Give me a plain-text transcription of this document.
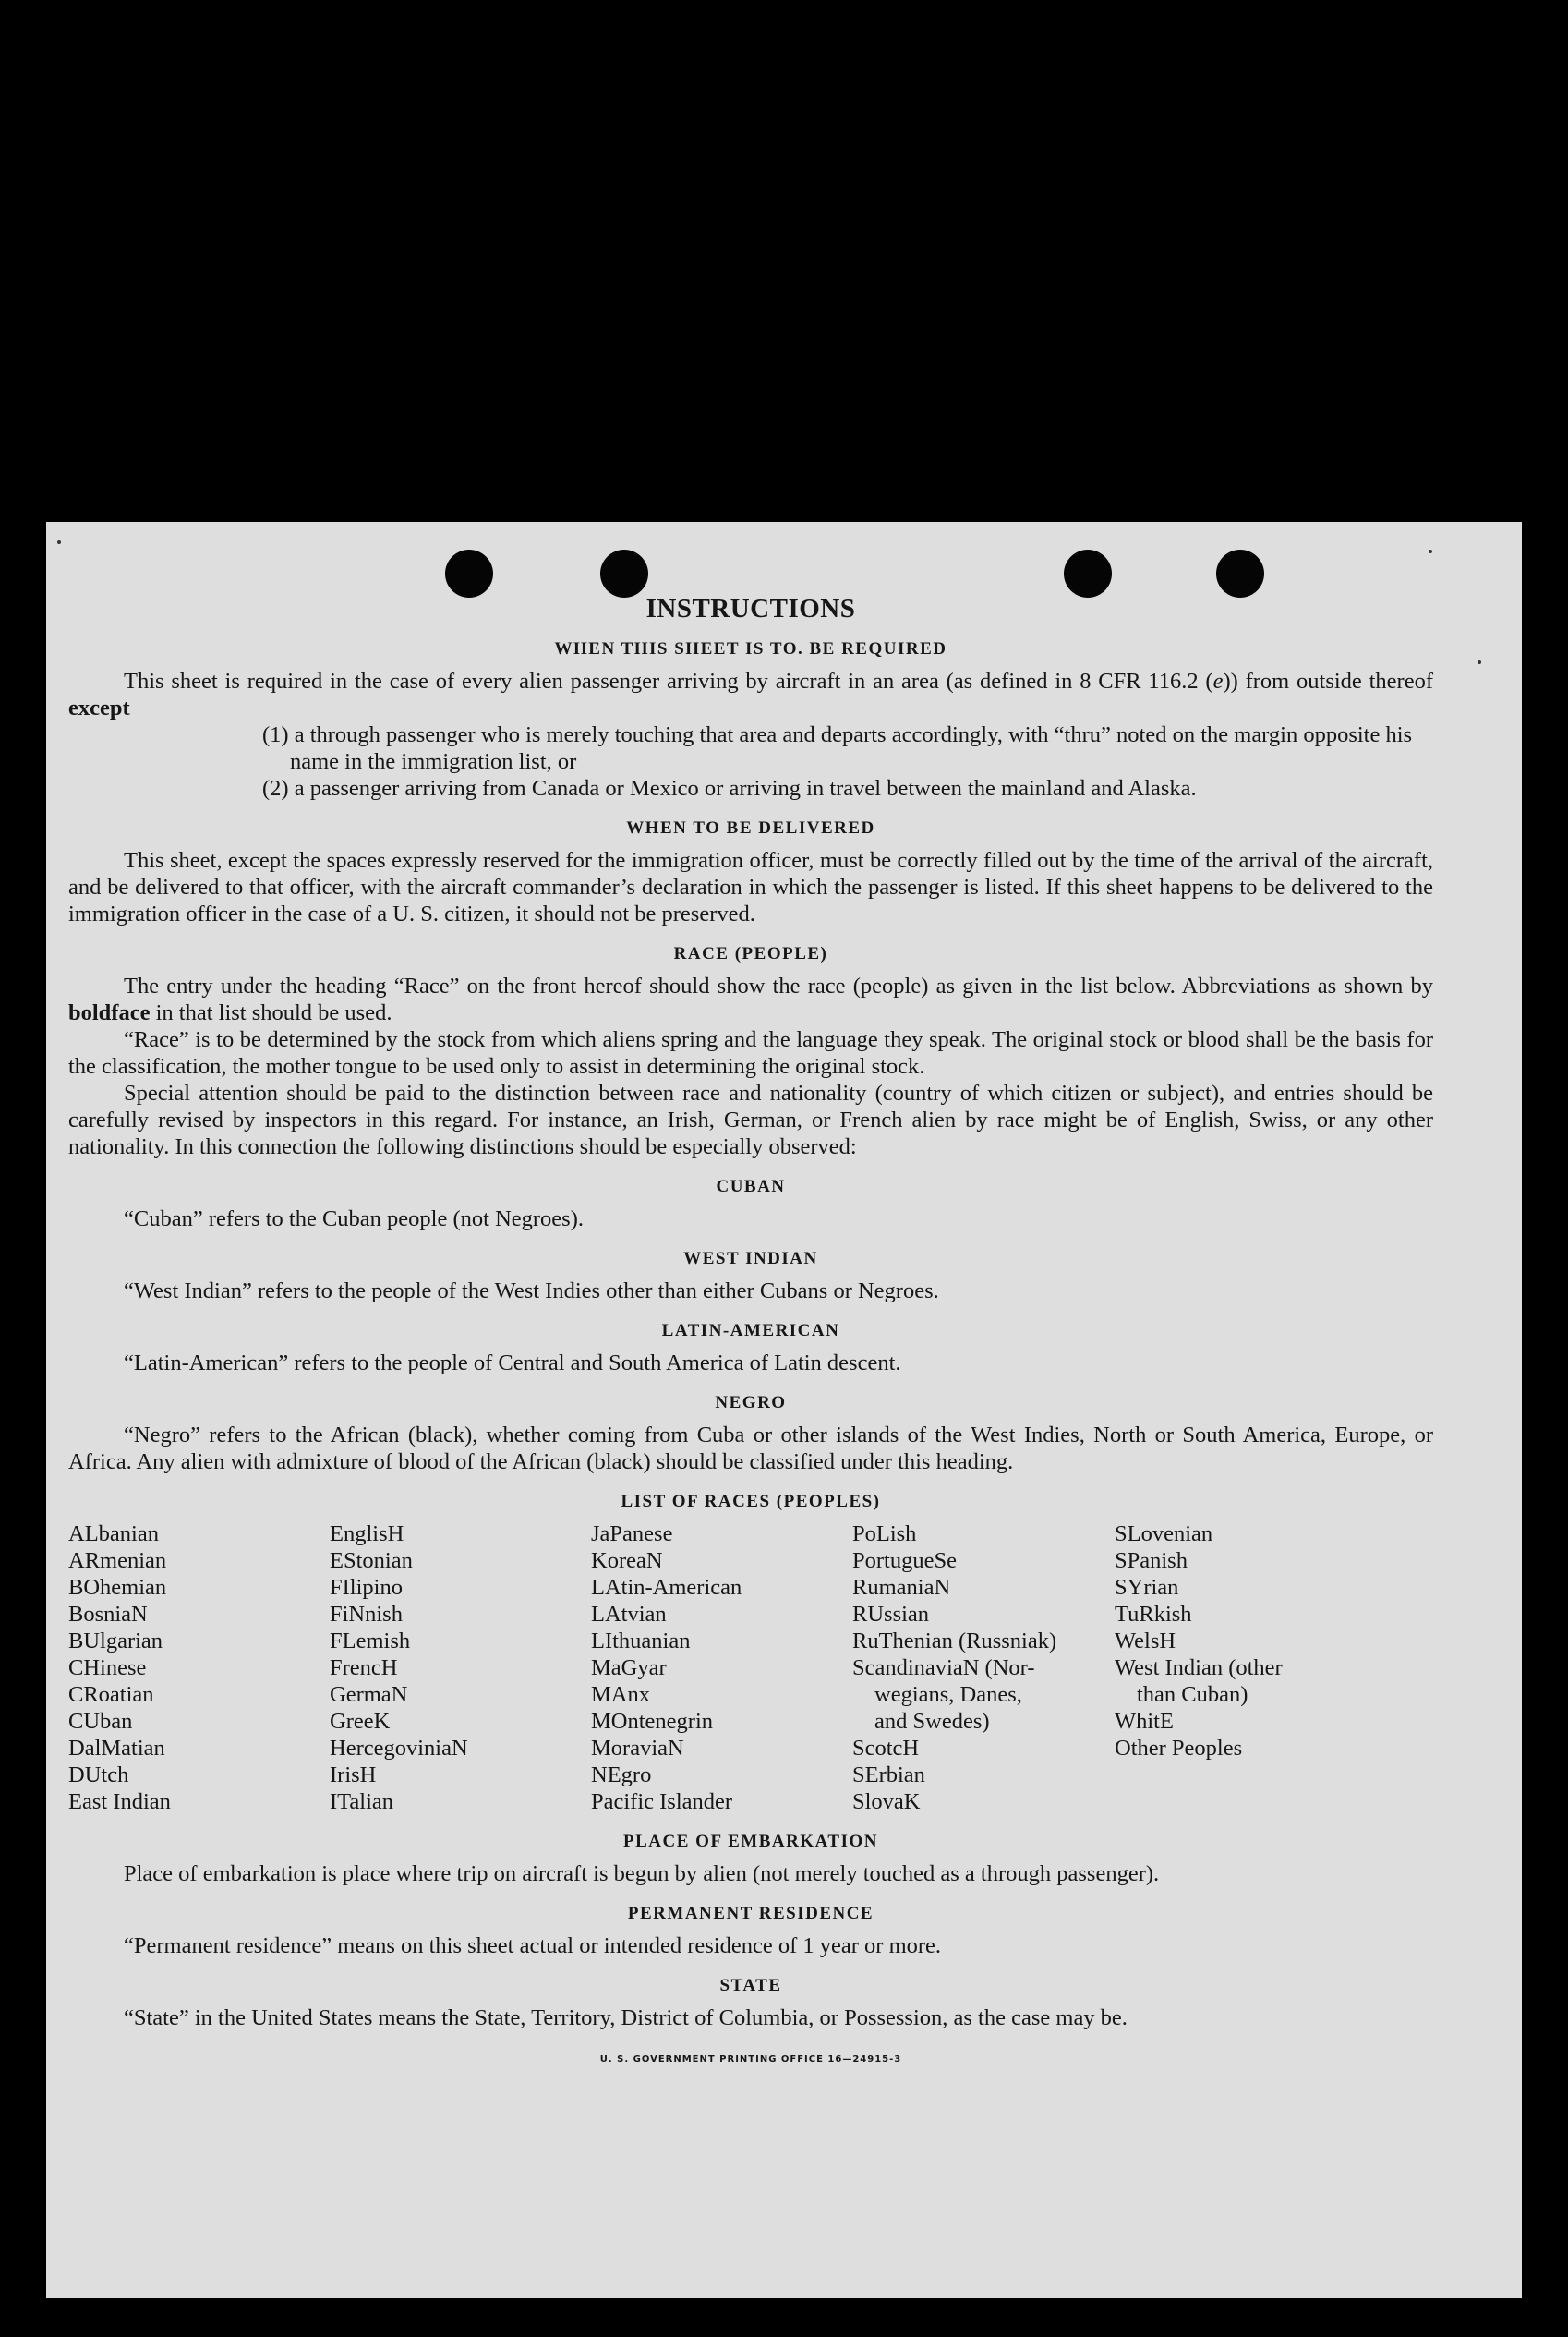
INSTRUCTIONS
WHEN THIS SHEET IS TO. BE REQUIRED

This sheet is required in the case of every alien passenger arriving by aircraft in an area (as defined in 8 CFR 116.2 (e)) from outside thereof except

(1) a through passenger who is merely touching that area and departs accordingly, with “thru” noted on the margin opposite his name in the immigration list, or

(2) a passenger arriving from Canada or Mexico or arriving in travel between the mainland and Alaska.

WHEN TO BE DELIVERED

This sheet, except the spaces expressly reserved for the immigration officer, must be correctly filled out by the time of the arrival of the aircraft, and be delivered to that officer, with the aircraft commander’s declaration in which the passenger is listed. If this sheet happens to be delivered to the immigration officer in the case of a U. S. citizen, it should not be preserved.

RACE (PEOPLE)

The entry under the heading “Race” on the front hereof should show the race (people) as given in the list below. Abbreviations as shown by boldface in that list should be used.

“Race” is to be determined by the stock from which aliens spring and the language they speak. The original stock or blood shall be the basis for the classification, the mother tongue to be used only to assist in determining the original stock.

Special attention should be paid to the distinction between race and nationality (country of which citizen or subject), and entries should be carefully revised by inspectors in this regard. For instance, an Irish, German, or French alien by race might be of English, Swiss, or any other nationality. In this connection the following distinctions should be especially observed:

CUBAN

“Cuban” refers to the Cuban people (not Negroes).

WEST INDIAN

“West Indian” refers to the people of the West Indies other than either Cubans or Negroes.

LATIN-AMERICAN

“Latin-American” refers to the people of Central and South America of Latin descent.

NEGRO

“Negro” refers to the African (black), whether coming from Cuba or other islands of the West Indies, North or South America, Europe, or Africa. Any alien with admixture of blood of the African (black) should be classified under this heading.

LIST OF RACES (PEOPLES)
ALbanian
ARmenian
BOhemian
BosniaN
BUlgarian
CHinese
CRoatian
CUban
DalMatian
DUtch
East Indian
EnglisH
EStonian
FIlipino
FiNnish
FLemish
FrencH
GermaN
GreeK
HercegoviniaN
IrisH
ITalian
JaPanese
KoreaN
LAtin-American
LAtvian
LIthuanian
MaGyar
MAnx
MOntenegrin
MoraviaN
NEgro
Pacific Islander
PoLish
PortugueSe
RumaniaN
RUssian
RuThenian (Russniak)
ScandinaviaN (Nor-
wegians, Danes,
and Swedes)
ScotcH
SErbian
SlovaK
SLovenian
SPanish
SYrian
TuRkish
WelsH
West Indian (other
than Cuban)
WhitE
Other Peoples
PLACE OF EMBARKATION

Place of embarkation is place where trip on aircraft is begun by alien (not merely touched as a through passenger).

PERMANENT RESIDENCE

“Permanent residence” means on this sheet actual or intended residence of 1 year or more.

STATE

“State” in the United States means the State, Territory, District of Columbia, or Possession, as the case may be.

U. S. GOVERNMENT PRINTING OFFICE 16—24915-3
